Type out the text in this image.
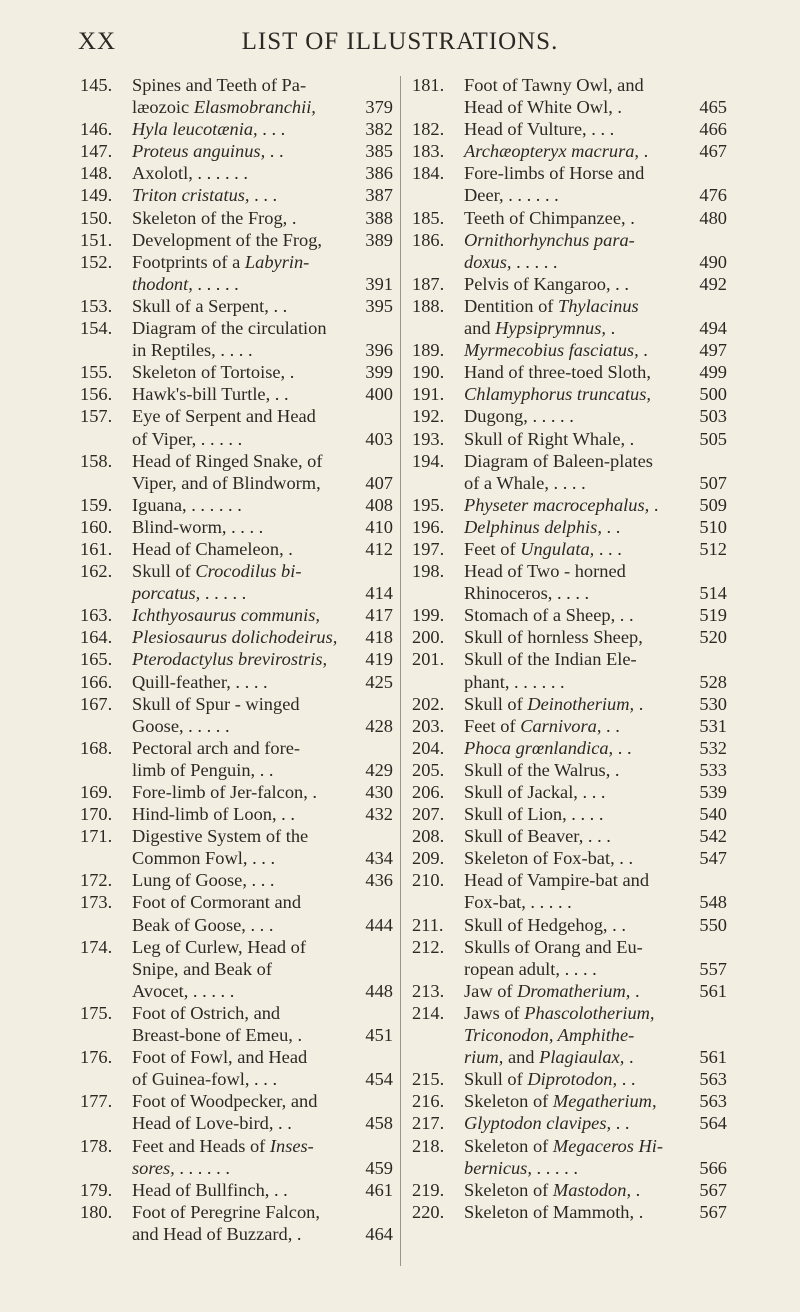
XX	LIST OF ILLUSTRATIONS.
145. Spines and Teeth of Pa-
læozoic Elasmobranchii,	379
146. Hyla leucotænia, . . .	382
147. Proteus anguinus, . .	385
148. Axolotl, . . . . . .	386
149. Triton cristatus, . . .	387
150. Skeleton of the Frog, .	388
151. Development of the Frog, 389
152. Footprints of a Labyrin-
thodont, . . . . .	391
153. Skull of a Serpent, . .	395
154. Diagram of the circulation
in Reptiles, . . . .	396
155. Skeleton of Tortoise, .	399
156. Hawk's-bill Turtle, . .	400
157. Eye of Serpent and Head
of Viper, . . . . .	403
158. Head of Ringed Snake, of
Viper, and of Blindworm, 407
159. Iguana, . . . . . .	408
160. Blind-worm, . . . .	410
161. Head of Chameleon, .	412
162. Skull of Crocodilus bi-
porcatus, . . . . .	414
163. Ichthyosaurus communis, 417
164. Plesiosaurus dolichodeirus, 418
165. Pterodactylus brevirostris, 419
166. Quill-feather, . . . .	425
167. Skull of Spur - winged
Goose, . . . . .	428
168. Pectoral arch and fore-
limb of Penguin, . .	429
169. Fore-limb of Jer-falcon, .	430
170. Hind-limb of Loon, . .	432
171. Digestive System of the
Common Fowl, . . .	434
172. Lung of Goose, . . .	436
173. Foot of Cormorant and
Beak of Goose, . . .	444
174. Leg of Curlew, Head of
Snipe, and Beak of
Avocet, . . . . .	448
175. Foot of Ostrich, and
Breast-bone of Emeu, .	451
176. Foot of Fowl, and Head
of Guinea-fowl, . . .	454
177. Foot of Woodpecker, and
Head of Love-bird, . .	458
178. Feet and Heads of Inses-
sores, . . . . . .	459
179. Head of Bullfinch, . .	461
180. Foot of Peregrine Falcon,
and Head of Buzzard, .	464
181. Foot of Tawny Owl, and
Head of White Owl, .	465
182. Head of Vulture, . . .	466
183. Archæopteryx macrura, .	467
184. Fore-limbs of Horse and
Deer, . . . . . .	476
185. Teeth of Chimpanzee, .	480
186. Ornithorhynchus para-
doxus, . . . . .	490
187. Pelvis of Kangaroo, . .	492
188. Dentition of Thylacinus
and Hypsiprymnus, .	494
189. Myrmecobius fasciatus, .	497
190. Hand of three-toed Sloth,	499
191. Chlamyphorus truncatus,	500
192. Dugong, . . . . .	503
193. Skull of Right Whale, .	505
194. Diagram of Baleen-plates
of a Whale, . . . .	507
195. Physeter macrocephalus, . 509
196. Delphinus delphis, . .	510
197. Feet of Ungulata, . . .	512
198. Head of Two - horned
Rhinoceros, . . . .	514
199. Stomach of a Sheep, . .	519
200. Skull of hornless Sheep,	520
201. Skull of the Indian Ele-
phant, . . . . . .	528
202. Skull of Deinotherium, .	530
203. Feet of Carnivora, . .	531
204. Phoca grœnlandica, . .	532
205. Skull of the Walrus, .	533
206. Skull of Jackal, . . .	539
207. Skull of Lion, . . . .	540
208. Skull of Beaver, . . .	542
209. Skeleton of Fox-bat, . .	547
210. Head of Vampire-bat and
Fox-bat, . . . . .	548
211. Skull of Hedgehog, . .	550
212. Skulls of Orang and Eu-
ropean adult, . . . .	557
213. Jaw of Dromatherium, .	561
214. Jaws of Phascolotherium,
Triconodon, Amphithe-
rium, and Plagiaulax, .	561
215. Skull of Diprotodon, . .	563
216. Skeleton of Megatherium, 563
217. Glyptodon clavipes, . .	564
218. Skeleton of Megaceros Hi-
bernicus, . . . . .	566
219. Skeleton of Mastodon, .	567
220. Skeleton of Mammoth, .	567
